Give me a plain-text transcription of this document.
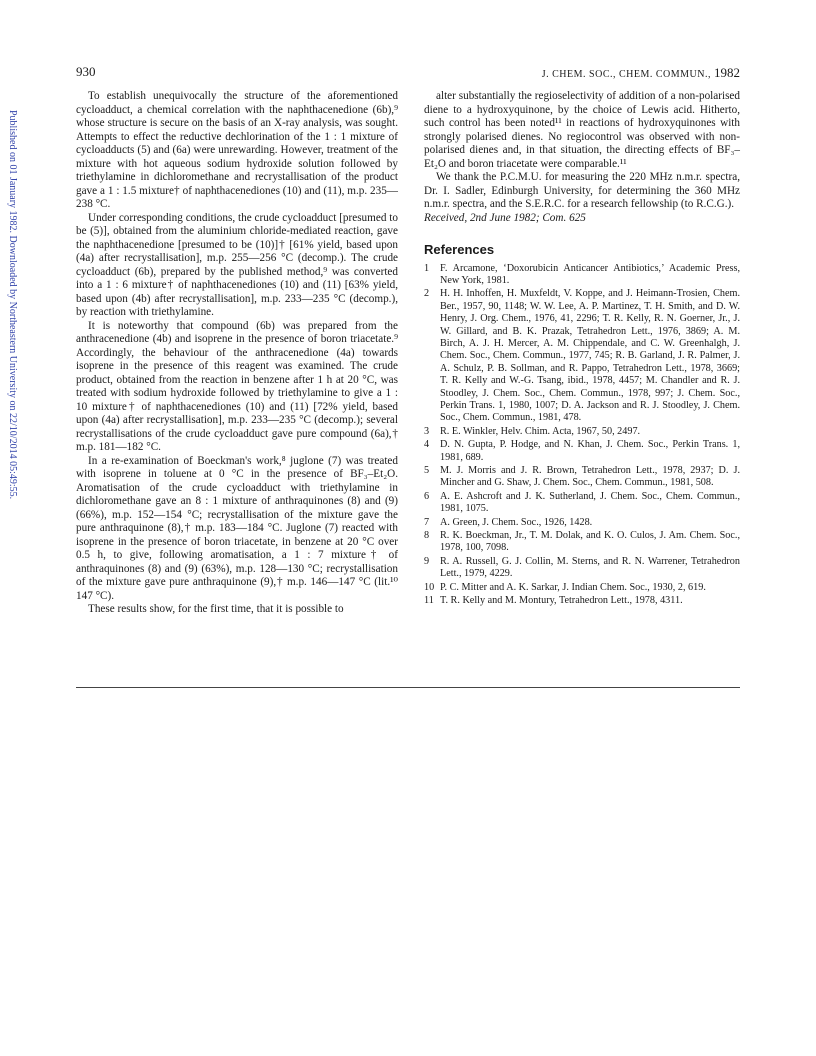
930	J. CHEM. SOC., CHEM. COMMUN., 1982
Published on 01 January 1982. Downloaded by Northeastern University on 22/10/2014 05:49:55.

To establish unequivocally the structure of the aforementioned cycloadduct, a chemical correlation with the naphthacenedione (6b),⁹ whose structure is secure on the basis of an X-ray analysis, was sought. Attempts to effect the reductive dechlorination of the 1 : 1 mixture of cycloadducts (5) and (6a) were unrewarding. However, treatment of the mixture with hot aqueous sodium hydroxide solution followed by triethylamine in dichloromethane and recrystallisation of the product gave a 1 : 1.5 mixture† of naphthacenediones (10) and (11), m.p. 235—238 °C.

Under corresponding conditions, the crude cycloadduct [presumed to be (5)], obtained from the aluminium chloride-mediated reaction, gave the naphthacenedione [presumed to be (10)]† [61% yield, based upon (4a) after recrystallisation], m.p. 255—256 °C (decomp.). The crude cycloadduct (6b), prepared by the published method,⁹ was converted into a 1 : 6 mixture† of naphthacenediones (10) and (11) [63% yield, based upon (4b) after recrystallisation], m.p. 233—235 °C (decomp.), by reaction with triethylamine.

It is noteworthy that compound (6b) was prepared from the anthracenedione (4b) and isoprene in the presence of boron triacetate.⁹ Accordingly, the behaviour of the anthracenedione (4a) towards isoprene in the presence of this reagent was examined. The crude product, obtained from the reaction in benzene after 1 h at 20 °C, was treated with sodium hydroxide followed by triethylamine to give a 1 : 10 mixture† of naphthacenediones (10) and (11) [72% yield, based upon (4a) after recrystallisation], m.p. 233—235 °C (decomp.); several recrystallisations of the crude cycloadduct gave pure compound (6a),† m.p. 181—182 °C.

In a re-examination of Boeckman's work,⁸ juglone (7) was treated with isoprene in toluene at 0 °C in the presence of BF₃–Et₂O. Aromatisation of the crude cycloadduct with triethylamine in dichloromethane gave an 8 : 1 mixture of anthraquinones (8) and (9) (66%), m.p. 152—154 °C; recrystallisation of the mixture gave the pure anthraquinone (8),† m.p. 183—184 °C. Juglone (7) reacted with isoprene in the presence of boron triacetate, in benzene at 20 °C over 0.5 h, to give, following aromatisation, a 1 : 7 mixture† of anthraquinones (8) and (9) (63%), m.p. 128—130 °C; recrystallisation of the mixture gave pure anthraquinone (9),† m.p. 146—147 °C (lit.¹⁰ 147 °C).

These results show, for the first time, that it is possible to

alter substantially the regioselectivity of addition of a non-polarised diene to a hydroxyquinone, by the choice of Lewis acid. Hitherto, such control has been noted¹¹ in reactions of hydroxyquinones with strongly polarised dienes. No regiocontrol was observed with non-polarised dienes and, in that situation, the directing effects of BF₃–Et₂O and boron triacetate were comparable.¹¹

We thank the P.C.M.U. for measuring the 220 MHz n.m.r. spectra, Dr. I. Sadler, Edinburgh University, for determining the 360 MHz n.m.r. spectra, and the S.E.R.C. for a research fellowship (to R.C.G.).

Received, 2nd June 1982; Com. 625

References
1 F. Arcamone, ‘Doxorubicin Anticancer Antibiotics,’ Academic Press, New York, 1981.
2 H. H. Inhoffen, H. Muxfeldt, V. Koppe, and J. Heimann-Trosien, Chem. Ber., 1957, 90, 1148; W. W. Lee, A. P. Martinez, T. H. Smith, and D. W. Henry, J. Org. Chem., 1976, 41, 2296; T. R. Kelly, R. N. Goerner, Jr., J. W. Gillard, and B. K. Prazak, Tetrahedron Lett., 1976, 3869; A. M. Birch, A. J. H. Mercer, A. M. Chippendale, and C. W. Greenhalgh, J. Chem. Soc., Chem. Commun., 1977, 745; R. B. Garland, J. R. Palmer, J. A. Schulz, P. B. Sollman, and R. Pappo, Tetrahedron Lett., 1978, 3669; T. R. Kelly and W.-G. Tsang, ibid., 1978, 4457; M. Chandler and R. J. Stoodley, J. Chem. Soc., Chem. Commun., 1978, 997; J. Chem. Soc., Perkin Trans. 1, 1980, 1007; D. A. Jackson and R. J. Stoodley, J. Chem. Soc., Chem. Commun., 1981, 478.
3 R. E. Winkler, Helv. Chim. Acta, 1967, 50, 2497.
4 D. N. Gupta, P. Hodge, and N. Khan, J. Chem. Soc., Perkin Trans. 1, 1981, 689.
5 M. J. Morris and J. R. Brown, Tetrahedron Lett., 1978, 2937; D. J. Mincher and G. Shaw, J. Chem. Soc., Chem. Commun., 1981, 508.
6 A. E. Ashcroft and J. K. Sutherland, J. Chem. Soc., Chem. Commun., 1981, 1075.
7 A. Green, J. Chem. Soc., 1926, 1428.
8 R. K. Boeckman, Jr., T. M. Dolak, and K. O. Culos, J. Am. Chem. Soc., 1978, 100, 7098.
9 R. A. Russell, G. J. Collin, M. Sterns, and R. N. Warrener, Tetrahedron Lett., 1979, 4229.
10 P. C. Mitter and A. K. Sarkar, J. Indian Chem. Soc., 1930, 2, 619.
11 T. R. Kelly and M. Montury, Tetrahedron Lett., 1978, 4311.
